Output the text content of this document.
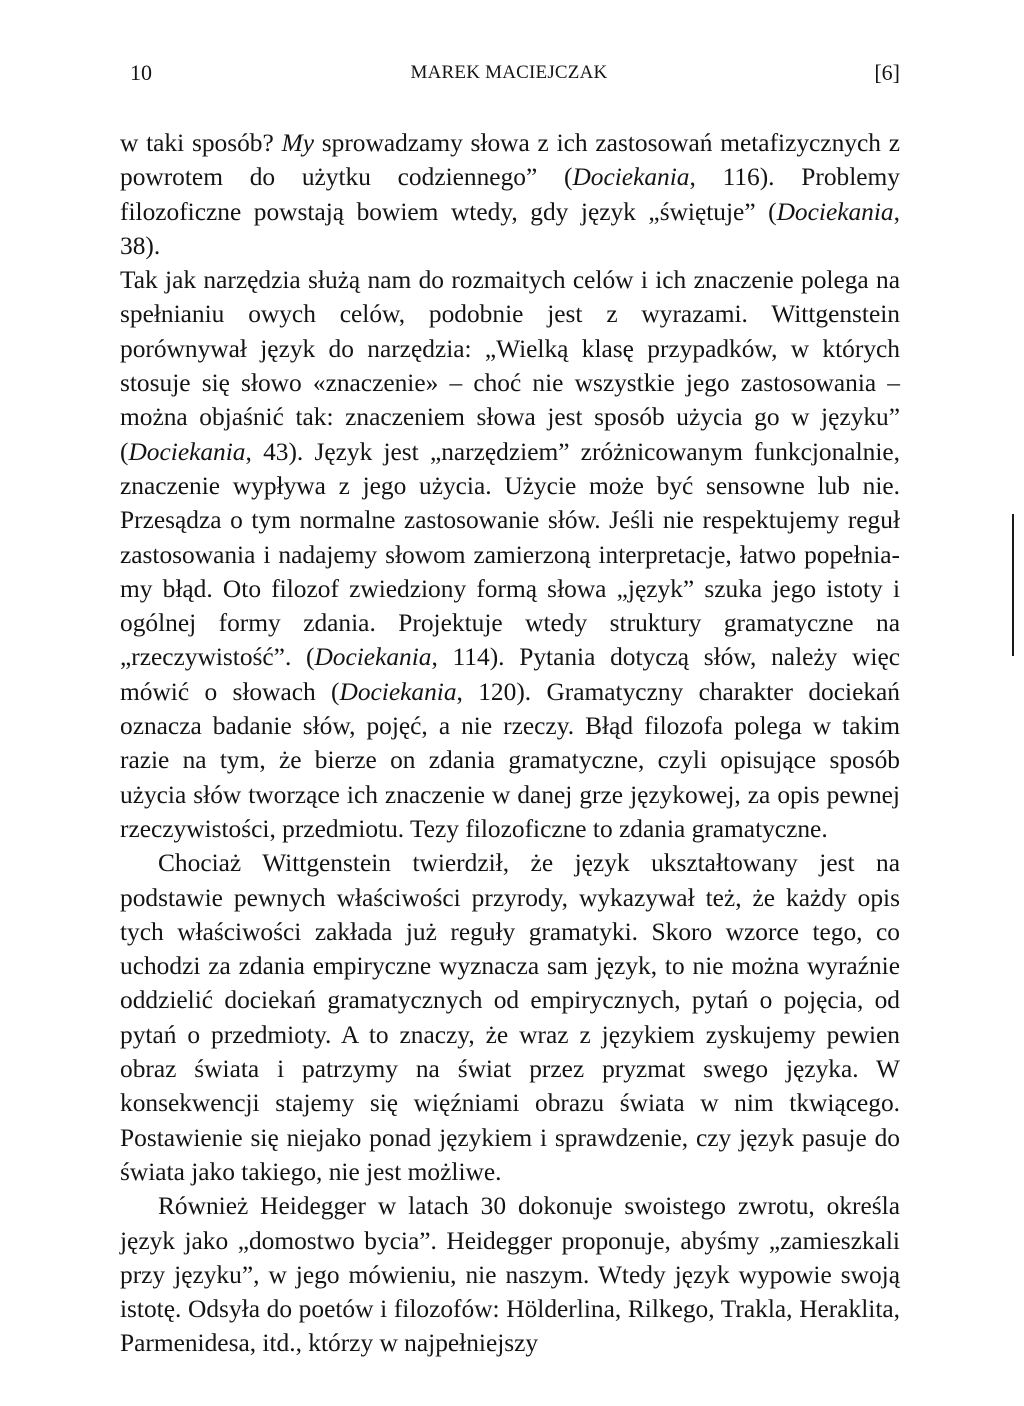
10	MAREK MACIEJCZAK	[6]

w taki sposób? My sprowadzamy słowa z ich zastosowań metafizycznych z powrotem do użytku codziennego” (Dociekania, 116). Problemy filozoficzne powstają bowiem wtedy, gdy język „świętuje” (Dociekania, 38).

Tak jak narzędzia służą nam do rozmaitych celów i ich znaczenie polega na spełnianiu owych celów, podobnie jest z wyrazami. Wittgenstein porównywał język do narzędzia: „Wielką klasę przypadków, w których stosuje się słowo «znaczenie» – choć nie wszystkie jego zastosowania – można objaśnić tak: znaczeniem słowa jest sposób użycia go w języku” (Dociekania, 43). Język jest „narzędziem” zróżnicowanym funkcjonalnie, znaczenie wypływa z jego użycia. Użycie może być sensowne lub nie. Przesądza o tym normalne zastosowanie słów. Jeśli nie respektujemy reguł zastosowania i nadajemy słowom zamierzoną interpretacje, łatwo popełniamy błąd. Oto filozof zwiedziony formą słowa „język” szuka jego istoty i ogólnej formy zdania. Projektuje wtedy struktury gramatyczne na „rzeczywistość”. (Dociekania, 114). Pytania dotyczą słów, należy więc mówić o słowach (Dociekania, 120). Gramatyczny charakter dociekań oznacza badanie słów, pojęć, a nie rzeczy. Błąd filozofa polega w takim razie na tym, że bierze on zdania gramatyczne, czyli opisujące sposób użycia słów tworzące ich znaczenie w danej grze językowej, za opis pewnej rzeczywistości, przedmiotu. Tezy filozoficzne to zdania gramatyczne.

Chociaż Wittgenstein twierdził, że język ukształtowany jest na podstawie pewnych właściwości przyrody, wykazywał też, że każdy opis tych właściwości zakłada już reguły gramatyki. Skoro wzorce tego, co uchodzi za zdania empiryczne wyznacza sam język, to nie można wyraźnie oddzielić dociekań gramatycznych od empirycznych, pytań o pojęcia, od pytań o przedmioty. A to znaczy, że wraz z językiem zyskujemy pewien obraz świata i patrzymy na świat przez pryzmat swego języka. W konsekwencji stajemy się więźniami obrazu świata w nim tkwiącego. Postawienie się niejako ponad językiem i sprawdzenie, czy język pasuje do świata jako takiego, nie jest możliwe.

Również Heidegger w latach 30 dokonuje swoistego zwrotu, określa język jako „domostwo bycia”. Heidegger proponuje, abyśmy „zamieszkali przy języku”, w jego mówieniu, nie naszym. Wtedy język wypowie swoją istotę. Odsyła do poetów i filozofów: Hölderlina, Rilkego, Trakla, Heraklita, Parmenidesa, itd., którzy w najpełniejszy
